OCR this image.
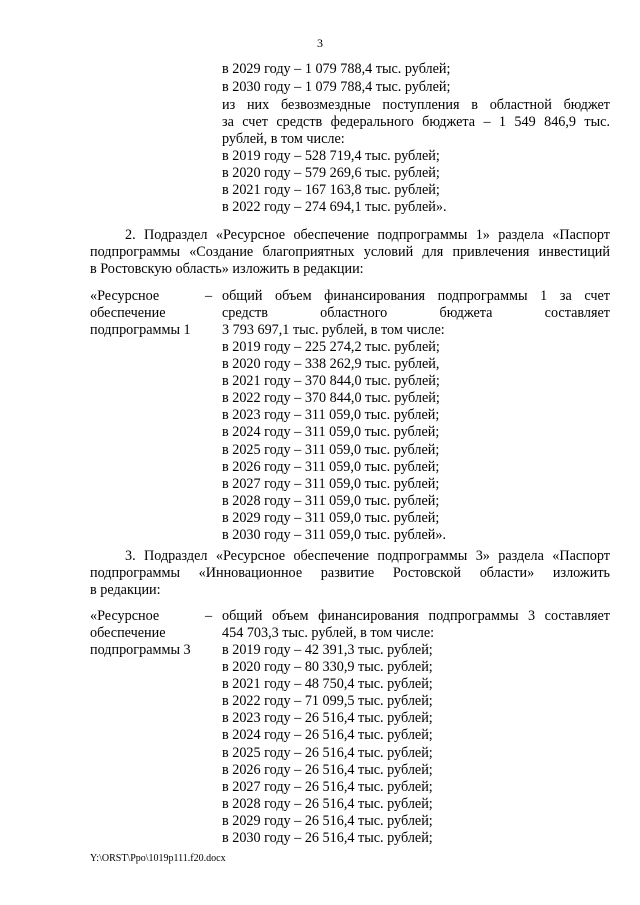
3
в 2029 году – 1 079 788,4 тыс. рублей;
в 2030 году – 1 079 788,4 тыс. рублей;
из них безвозмездные поступления в областной бюджет
за счет средств федерального бюджета – 1 549 846,9 тыс.
рублей, в том числе:
в 2019 году – 528 719,4 тыс. рублей;
в 2020 году – 579 269,6 тыс. рублей;
в 2021 году – 167 163,8 тыс. рублей;
в 2022 году – 274 694,1 тыс. рублей».
2. Подраздел «Ресурсное обеспечение подпрограммы 1» раздела «Паспорт
подпрограммы «Создание благоприятных условий для привлечения инвестиций
в Ростовскую область» изложить в редакции:
«Ресурсное
обеспечение
подпрограммы 1
– общий объем финансирования подпрограммы 1 за счет
средств областного бюджета составляет
3 793 697,1 тыс. рублей, в том числе:
в 2019 году – 225 274,2 тыс. рублей;
в 2020 году – 338 262,9 тыс. рублей,
в 2021 году – 370 844,0 тыс. рублей;
в 2022 году – 370 844,0 тыс. рублей;
в 2023 году – 311 059,0 тыс. рублей;
в 2024 году – 311 059,0 тыс. рублей;
в 2025 году – 311 059,0 тыс. рублей;
в 2026 году – 311 059,0 тыс. рублей;
в 2027 году – 311 059,0 тыс. рублей;
в 2028 году – 311 059,0 тыс. рублей;
в 2029 году – 311 059,0 тыс. рублей;
в 2030 году – 311 059,0 тыс. рублей».
3. Подраздел «Ресурсное обеспечение подпрограммы 3» раздела «Паспорт
подпрограммы «Инновационное развитие Ростовской области» изложить
в редакции:
«Ресурсное
обеспечение
подпрограммы 3
– общий объем финансирования подпрограммы 3 составляет
454 703,3 тыс. рублей, в том числе:
в 2019 году – 42 391,3 тыс. рублей;
в 2020 году – 80 330,9 тыс. рублей;
в 2021 году – 48 750,4 тыс. рублей;
в 2022 году – 71 099,5 тыс. рублей;
в 2023 году – 26 516,4 тыс. рублей;
в 2024 году – 26 516,4 тыс. рублей;
в 2025 году – 26 516,4 тыс. рублей;
в 2026 году – 26 516,4 тыс. рублей;
в 2027 году – 26 516,4 тыс. рублей;
в 2028 году – 26 516,4 тыс. рублей;
в 2029 году – 26 516,4 тыс. рублей;
в 2030 году – 26 516,4 тыс. рублей;
Y:\ORST\Ppo\1019p111.f20.docx
